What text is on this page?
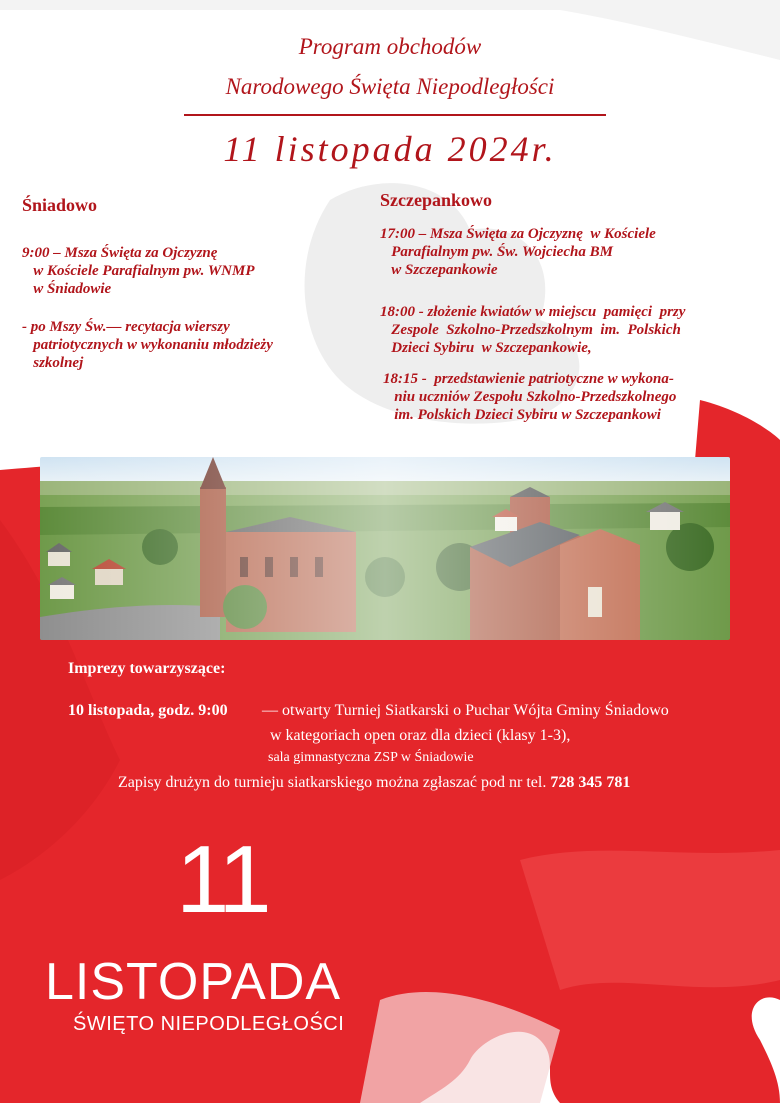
Program obchodów
Narodowego Święta Niepodległości
11 listopada 2024r.
Śniadowo
9:00 – Msza Święta za Ojczyznę
w Kościele Parafialnym pw. WNMP
w Śniadowie
- po Mszy Św.— recytacja wierszy
patriotycznych w wykonaniu młodzieży
szkolnej
Szczepankowo
17:00 – Msza Święta za Ojczyznę  w Kościele
Parafialnym pw. Św. Wojciecha BM
w Szczepankowie
18:00 - złożenie kwiatów w miejscu  pamięci  przy
Zespole  Szkolno-Przedszkolnym  im.  Polskich
Dzieci Sybiru  w Szczepankowie,
18:15 -  przedstawienie patriotyczne w wykona-
niu uczniów Zespołu Szkolno-Przedszkolnego
im. Polskich Dzieci Sybiru w Szczepankowi
Imprezy towarzyszące:
10 listopada, godz. 9:00 — otwarty Turniej Siatkarski o Puchar Wójta Gminy Śniadowo
w kategoriach open oraz dla dzieci (klasy 1-3),
sala gimnastyczna ZSP w Śniadowie
Zapisy drużyn do turnieju siatkarskiego można zgłaszać pod nr tel. 728 345 781
11
LISTOPADA
ŚWIĘTO NIEPODLEGŁOŚCI
